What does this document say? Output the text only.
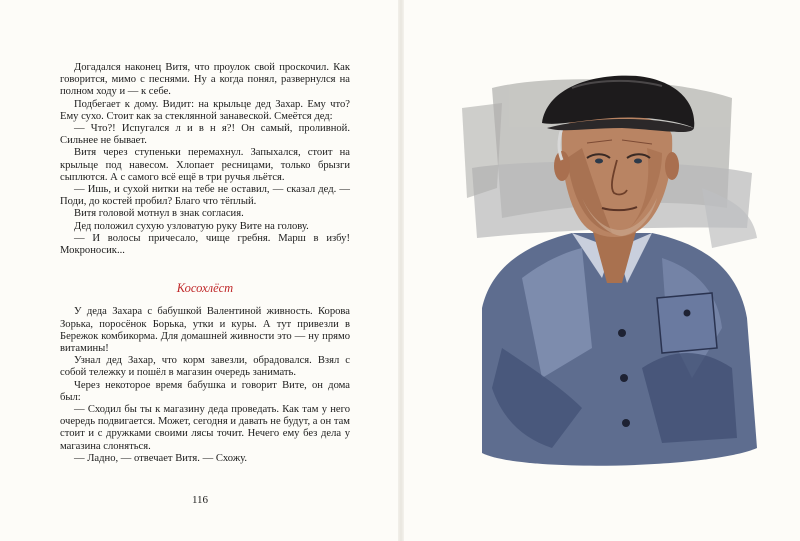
Догадался наконец Витя, что проулок свой проскочил. Как говорится, мимо с песнями. Ну а когда понял, развернулся на полном ходу и — к себе.

Подбегает к дому. Видит: на крыльце дед Захар. Ему что? Ему сухо. Стоит как за стеклянной занавеской. Смеётся дед:

— Что?! Испугался л и в н я?! Он самый, проливной. Сильнее не бывает.

Витя через ступеньки перемахнул. Запыхался, стоит на крыльце под навесом. Хлопает ресницами, только брызги сыплются. А с самого всё ещё в три ручья льётся.

— Ишь, и сухой нитки на тебе не оставил, — сказал дед. — Поди, до костей пробил? Благо что тёплый.

Витя головой мотнул в знак согласия.

Дед положил сухую узловатую руку Вите на голову.

— И волосы причесало, чище гребня. Марш в избу! Мокроносик...

Косохлёст

У деда Захара с бабушкой Валентиной живность. Корова Зорька, поросёнок Борька, утки и куры. А тут привезли в Бережок комбикорма. Для домашней живности это — ну прямо витамины!

Узнал дед Захар, что корм завезли, обрадовался. Взял с собой тележку и пошёл в магазин очередь занимать.

Через некоторое время бабушка и говорит Вите, он дома был:

— Сходил бы ты к магазину деда проведать. Как там у него очередь подвигается. Может, сегодня и давать не будут, а он там стоит и с дружками своими лясы точит. Нечего ему без дела у магазина слоняться.

— Ладно, — отвечает Витя. — Схожу.

116
